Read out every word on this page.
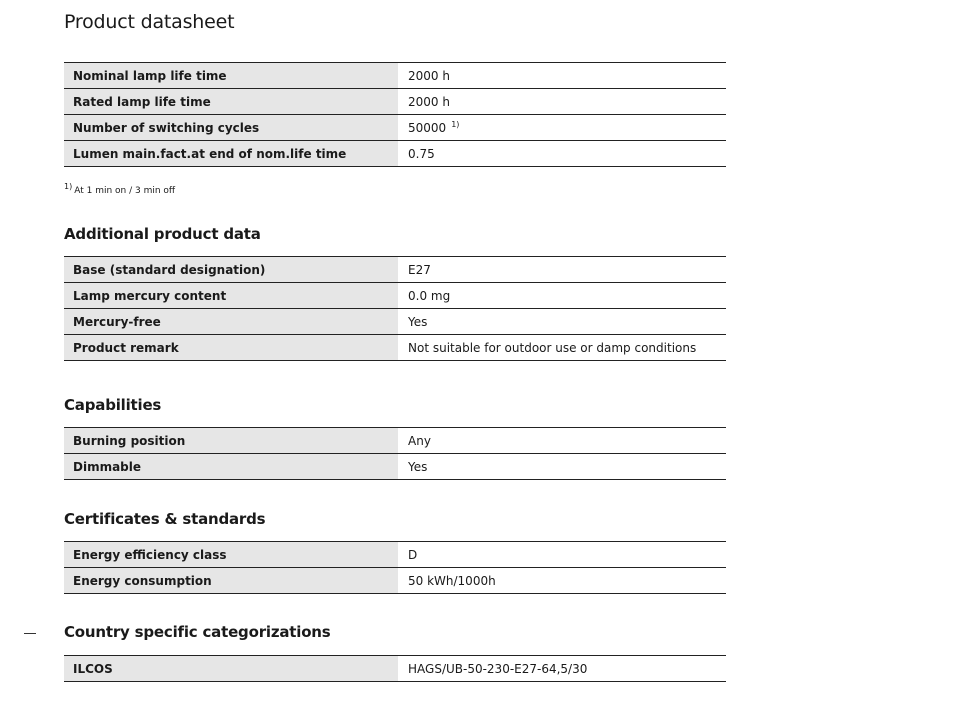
Product datasheet
Nominal lamp life time	2000 h
Rated lamp life time	2000 h
Number of switching cycles	50000 $^{1)}$
Lumen main.fact.at end of nom.life time	0.75
1) At 1 min on / 3 min off
Additional product data
Base (standard designation)	E27
Lamp mercury content	0.0 mg
Mercury-free	Yes
Product remark	Not suitable for outdoor use or damp conditions
Capabilities
Burning position	Any
Dimmable	Yes
Certificates & standards
Energy efficiency class	D
Energy consumption	50 kWh/1000h
Country specific categorizations
ILCOS	HAGS/UB-50-230-E27-64,5/30
